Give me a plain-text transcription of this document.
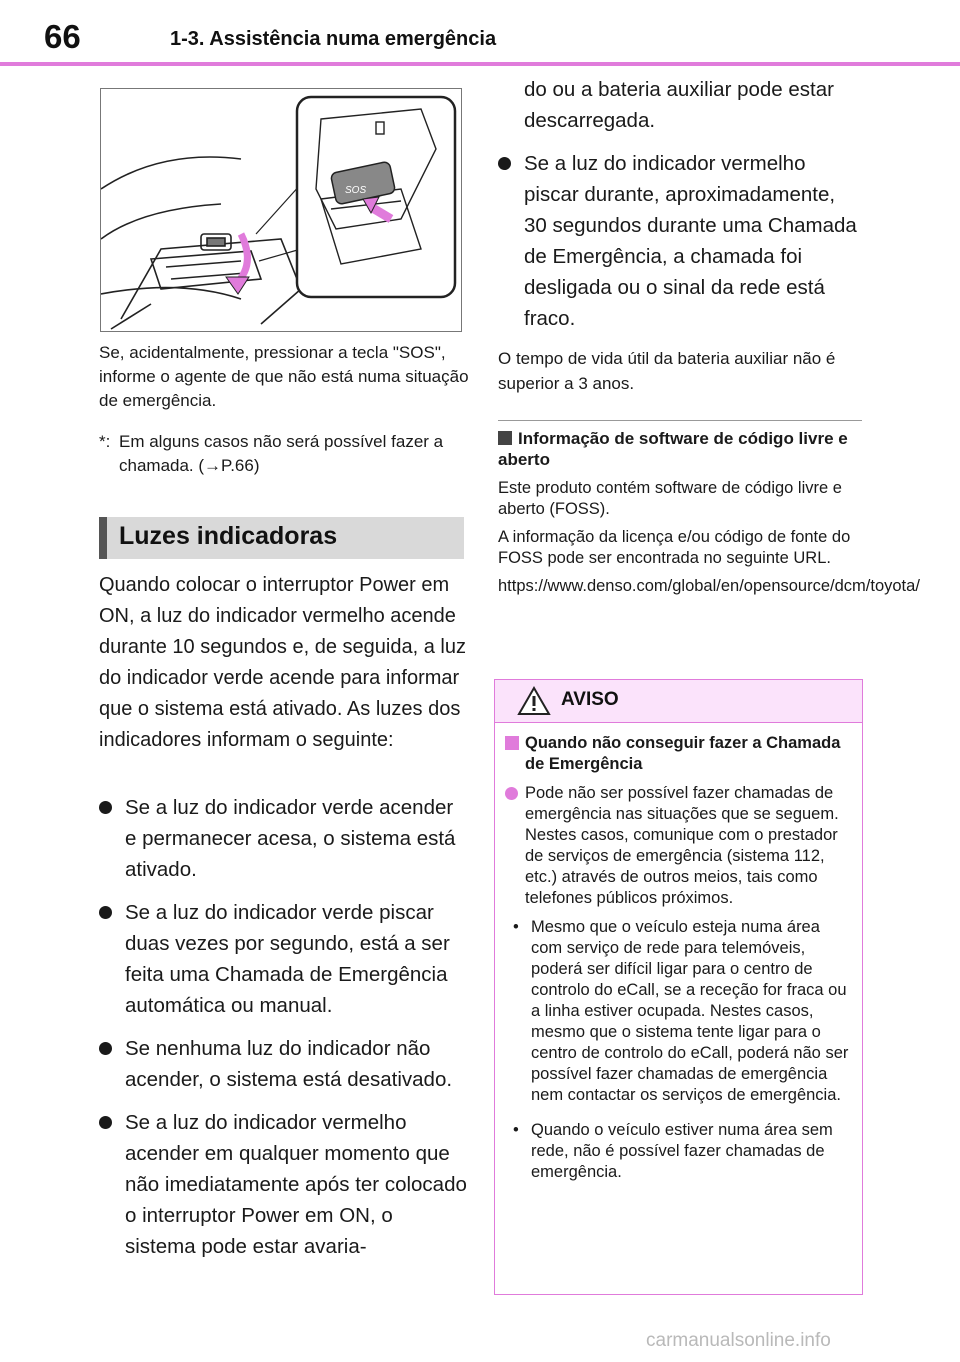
66	1-3. Assistência numa emergência
SOS
Se, acidentalmente, pressionar a tecla "SOS", informe o agente de que não está numa situação de emergência.
*: Em alguns casos não será possível fazer a chamada. (→P.66)
Luzes indicadoras
Quando colocar o interruptor Power em ON, a luz do indicador vermelho acende durante 10 segundos e, de seguida, a luz do indicador verde acende para informar que o sistema está ativado. As luzes dos indicadores informam o seguinte:
Se a luz do indicador verde acender e permanecer acesa, o sistema está ativado.
Se a luz do indicador verde piscar duas vezes por segundo, está a ser feita uma Chamada de Emergência automática ou manual.
Se nenhuma luz do indicador não acender, o sistema está desativado.
Se a luz do indicador vermelho acender em qualquer momento que não imediatamente após ter colocado o interruptor Power em ON, o sistema pode estar avaria-
do ou a bateria auxiliar pode estar descarregada.
Se a luz do indicador vermelho piscar durante, aproximadamente, 30 segundos durante uma Chamada de Emergência, a chamada foi desligada ou o sinal da rede está fraco.
O tempo de vida útil da bateria auxiliar não é superior a 3 anos.
Informação de software de código livre e aberto

Este produto contém software de código livre e aberto (FOSS).

A informação da licença e/ou código de fonte do FOSS pode ser encontrada no seguinte URL.

https://www.denso.com/global/en/opensource/dcm/toyota/

AVISO
Quando não conseguir fazer a Chamada de Emergência
Pode não ser possível fazer chamadas de emergência nas situações que se seguem. Nestes casos, comunique com o prestador de serviços de emergência (sistema 112, etc.) através de outros meios, tais como telefones públicos próximos.
• Mesmo que o veículo esteja numa área com serviço de rede para telemóveis, poderá ser difícil ligar para o centro de controlo do eCall, se a receção for fraca ou a linha estiver ocupada. Nestes casos, mesmo que o sistema tente ligar para o centro de controlo do eCall, poderá não ser possível fazer chamadas de emergência nem contactar os serviços de emergência.
• Quando o veículo estiver numa área sem rede, não é possível fazer chamadas de emergência.
carmanualsonline.info
